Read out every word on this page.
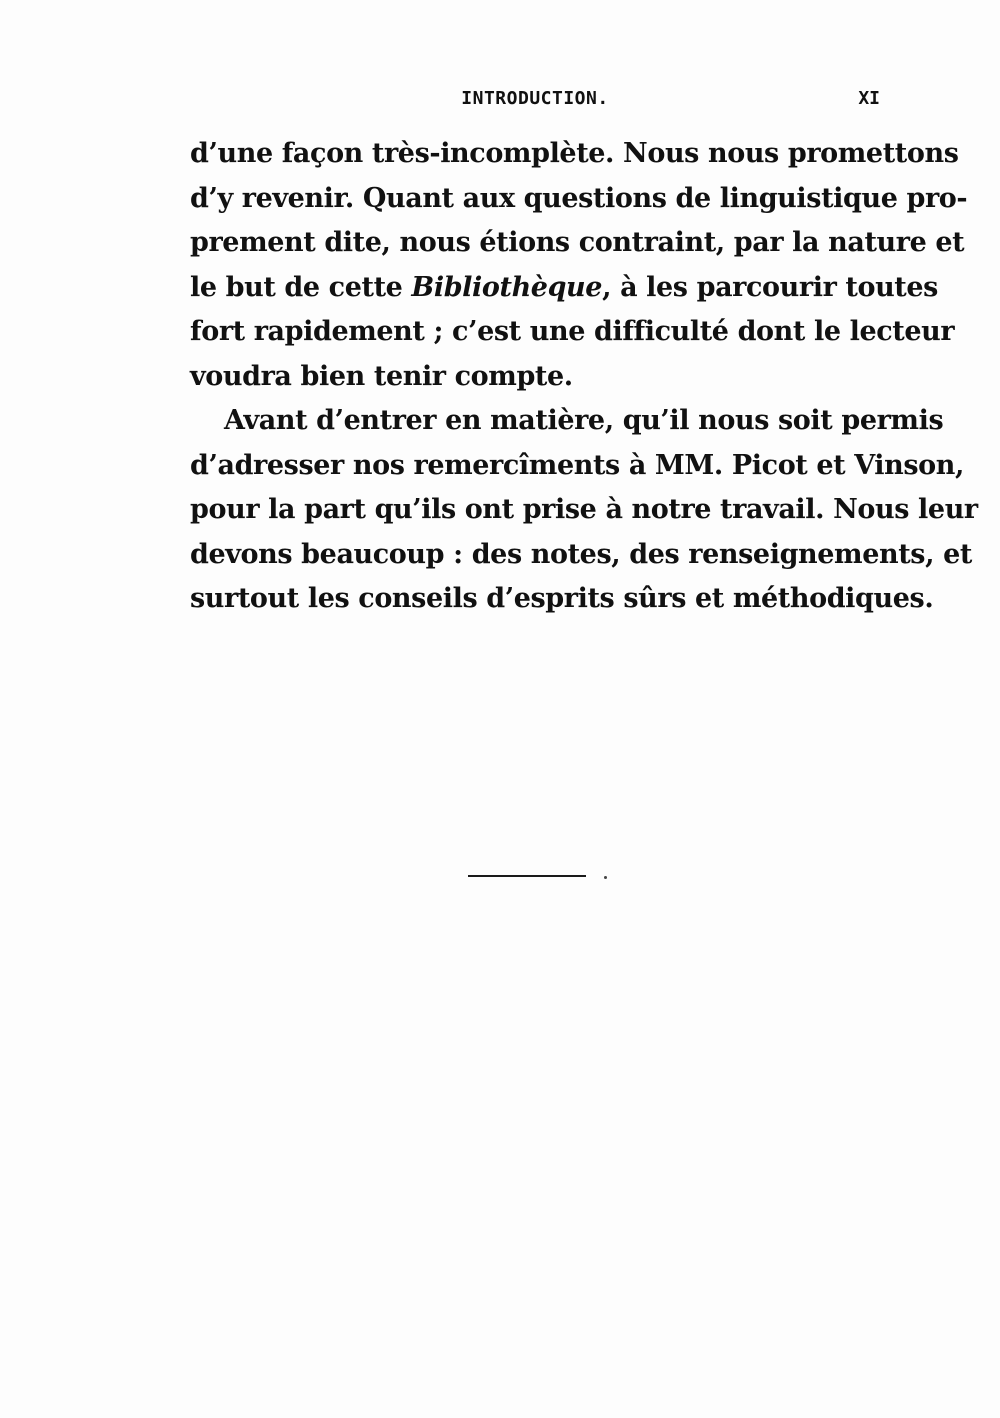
INTRODUCTION.	XI
d’une façon très-incomplète. Nous nous promettons
d’y revenir. Quant aux questions de linguistique pro-
prement dite, nous étions contraint, par la nature et
le but de cette Bibliothèque, à les parcourir toutes
fort rapidement ; c’est une difficulté dont le lecteur
voudra bien tenir compte.
Avant d’entrer en matière, qu’il nous soit permis
d’adresser nos remercîments à MM. Picot et Vinson,
pour la part qu’ils ont prise à notre travail. Nous leur
devons beaucoup : des notes, des renseignements, et
surtout les conseils d’esprits sûrs et méthodiques.
